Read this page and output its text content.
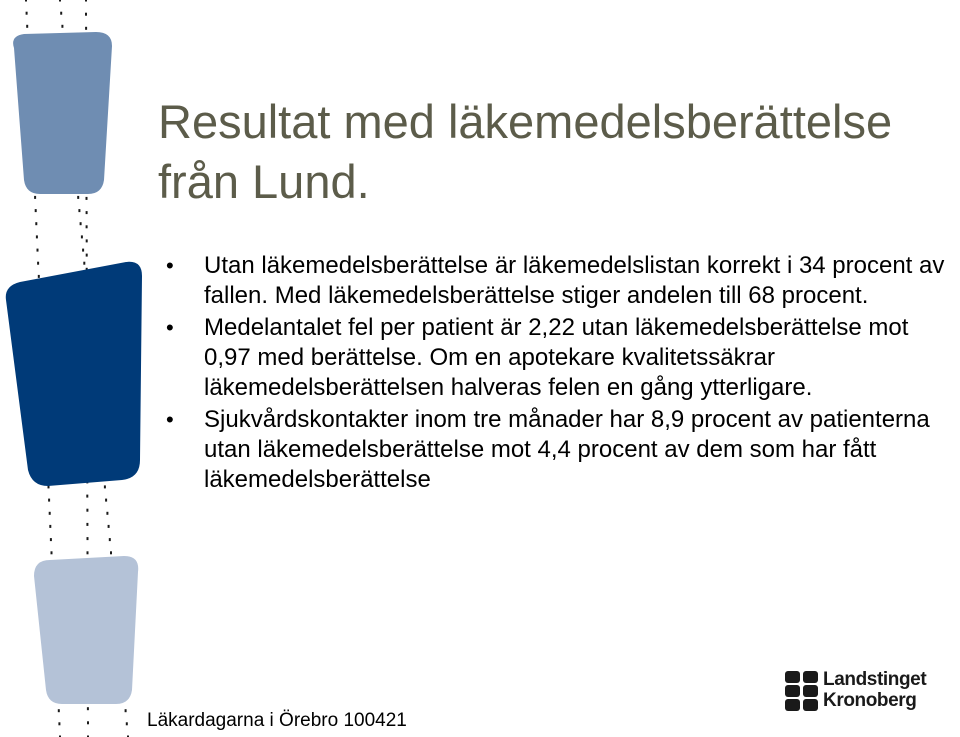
Resultat med läkemedelsberättelse från Lund.
• Utan läkemedelsberättelse är läkemedelslistan korrekt i 34 procent av fallen. Med läkemedelsberättelse stiger andelen till 68 procent.
• Medelantalet fel per patient är 2,22 utan läkemedelsberättelse mot 0,97 med berättelse. Om en apotekare kvalitetssäkrar läkemedelsberättelsen halveras felen en gång ytterligare.
• Sjukvårdskontakter inom tre månader har 8,9 procent av patienterna utan läkemedelsberättelse mot 4,4 procent av dem som har fått läkemedelsberättelse
Läkardagarna i Örebro 100421
Landstinget
Kronoberg
